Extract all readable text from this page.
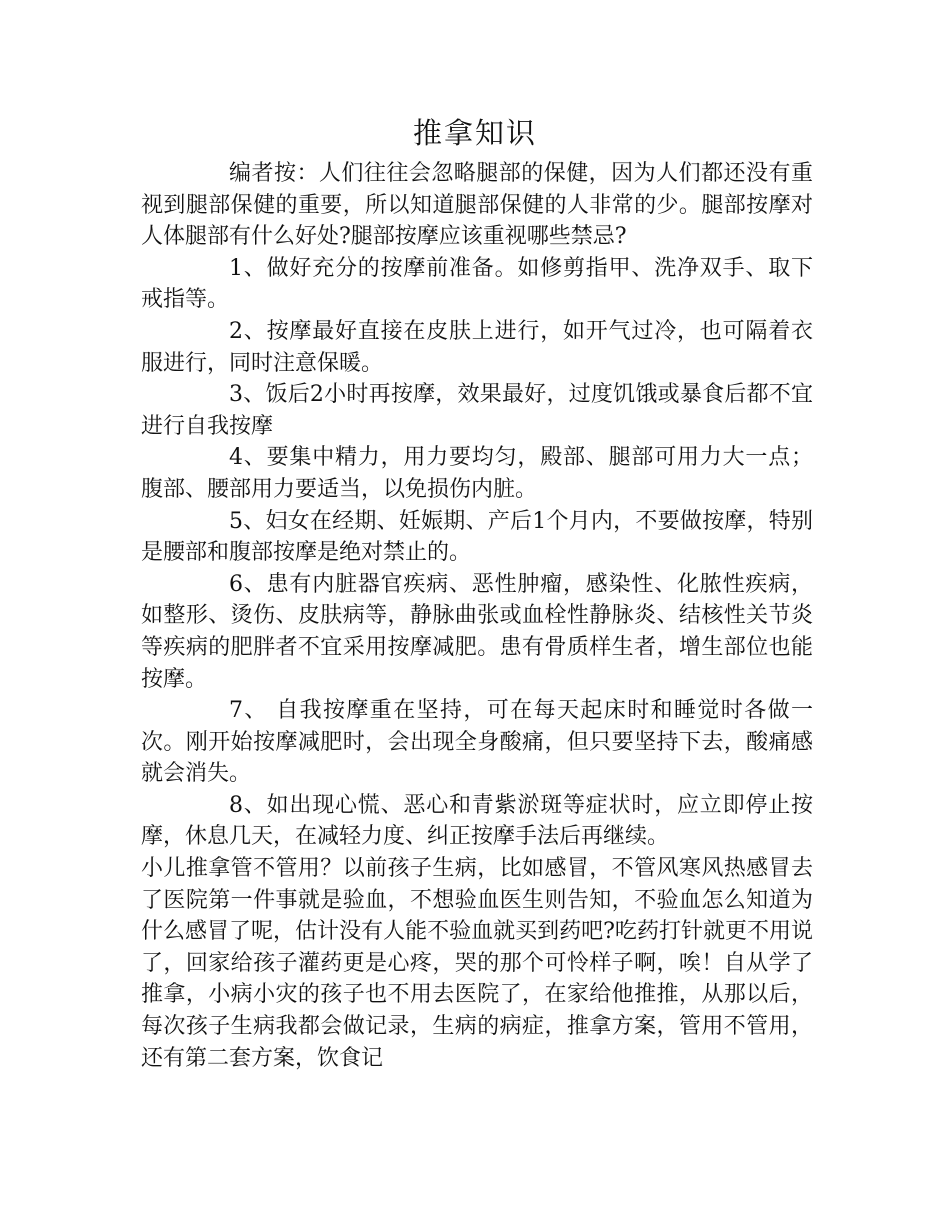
推拿知识

编者按：人们往往会忽略腿部的保健，因为人们都还没有重视到腿部保健的重要，所以知道腿部保健的人非常的少。腿部按摩对人体腿部有什么好处?腿部按摩应该重视哪些禁忌?

1、做好充分的按摩前准备。如修剪指甲、洗净双手、取下戒指等。

2、按摩最好直接在皮肤上进行，如开气过冷，也可隔着衣服进行，同时注意保暖。

3、饭后2小时再按摩，效果最好，过度饥饿或暴食后都不宜进行自我按摩

4、要集中精力，用力要均匀，殿部、腿部可用力大一点；腹部、腰部用力要适当，以免损伤内脏。

5、妇女在经期、妊娠期、产后1个月内，不要做按摩，特别是腰部和腹部按摩是绝对禁止的。

6、患有内脏器官疾病、恶性肿瘤，感染性、化脓性疾病，如整形、烫伤、皮肤病等，静脉曲张或血栓性静脉炎、结核性关节炎等疾病的肥胖者不宜采用按摩减肥。患有骨质样生者，增生部位也能按摩。

7、 自我按摩重在坚持，可在每天起床时和睡觉时各做一次。刚开始按摩减肥时，会出现全身酸痛，但只要坚持下去，酸痛感就会消失。

8、如出现心慌、恶心和青紫淤斑等症状时，应立即停止按摩，休息几天，在减轻力度、纠正按摩手法后再继续。

小儿推拿管不管用？以前孩子生病，比如感冒，不管风寒风热感冒去了医院第一件事就是验血，不想验血医生则告知，不验血怎么知道为什么感冒了呢，估计没有人能不验血就买到药吧?吃药打针就更不用说了，回家给孩子灌药更是心疼，哭的那个可怜样子啊，唉！自从学了推拿，小病小灾的孩子也不用去医院了，在家给他推推，从那以后，每次孩子生病我都会做记录，生病的病症，推拿方案，管用不管用，还有第二套方案，饮食记
